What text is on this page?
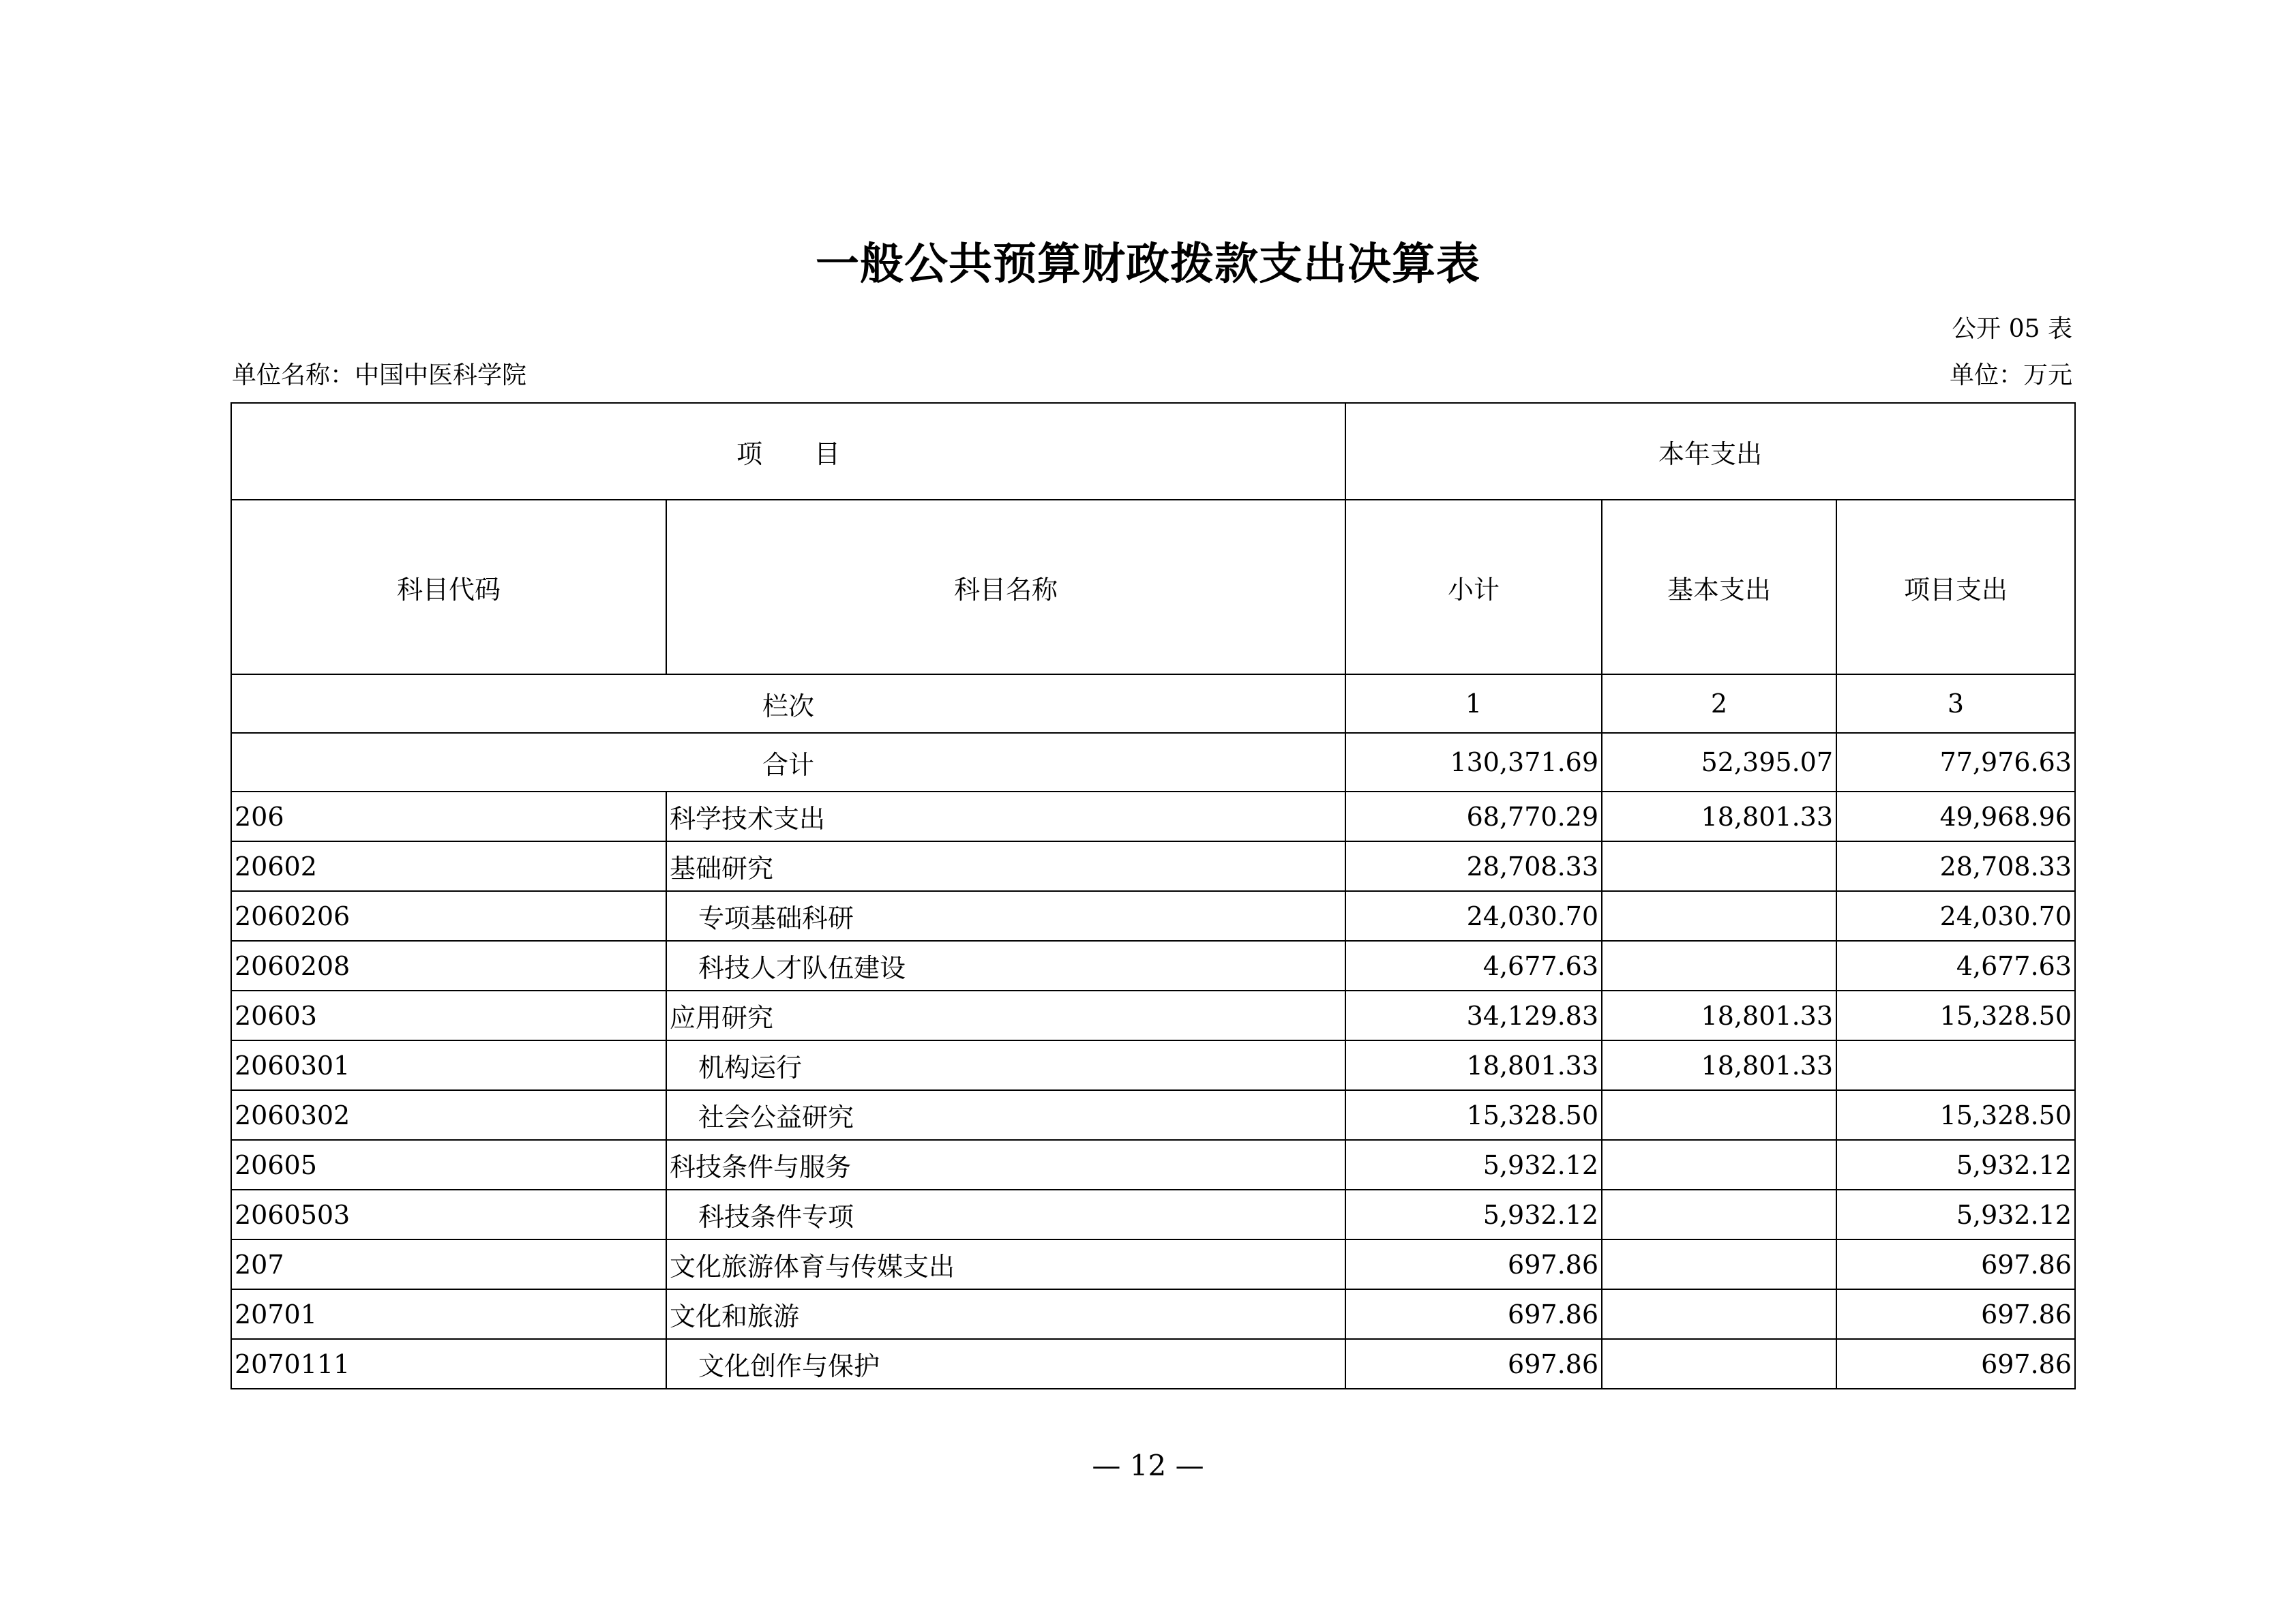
一般公共预算财政拨款支出决算表
公开 05 表
单位名称：中国中医科学院	单位：万元
项　　目		本年支出		
科目代码	科目名称	小计	基本支出	项目支出
栏次		1	2	3
合计		130,371.69	52,395.07	77,976.63
206	科学技术支出	68,770.29	18,801.33	49,968.96
20602	基础研究	28,708.33		28,708.33
2060206	专项基础科研	24,030.70		24,030.70
2060208	科技人才队伍建设	4,677.63		4,677.63
20603	应用研究	34,129.83	18,801.33	15,328.50
2060301	机构运行	18,801.33	18,801.33	
2060302	社会公益研究	15,328.50		15,328.50
20605	科技条件与服务	5,932.12		5,932.12
2060503	科技条件专项	5,932.12		5,932.12
207	文化旅游体育与传媒支出	697.86		697.86
20701	文化和旅游	697.86		697.86
2070111	文化创作与保护	697.86		697.86
— 12 —
